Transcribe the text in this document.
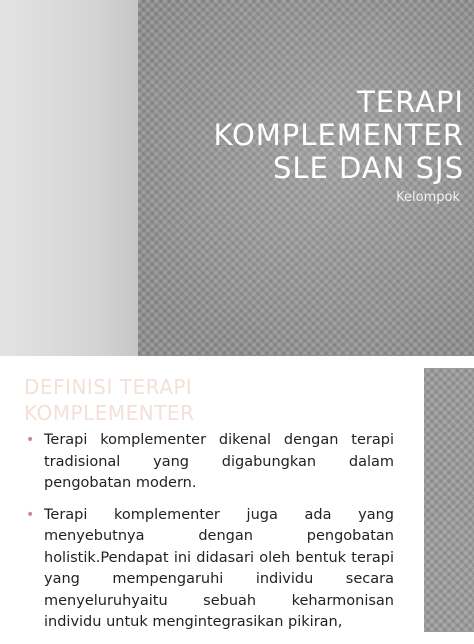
TERAPI
KOMPLEMENTER
SLE DAN SJS
Kelompok
DEFINISI TERAPI
KOMPLEMENTER
• Terapi komplementer dikenal dengan terapi tradisional yang digabungkan dalam pengobatan modern.
• Terapi komplementer juga ada yang menyebutnya dengan pengobatan holistik.Pendapat ini didasari oleh bentuk terapi yang mempengaruhi individu secara menyeluruhyaitu sebuah keharmonisan individu untuk mengintegrasikan pikiran,
